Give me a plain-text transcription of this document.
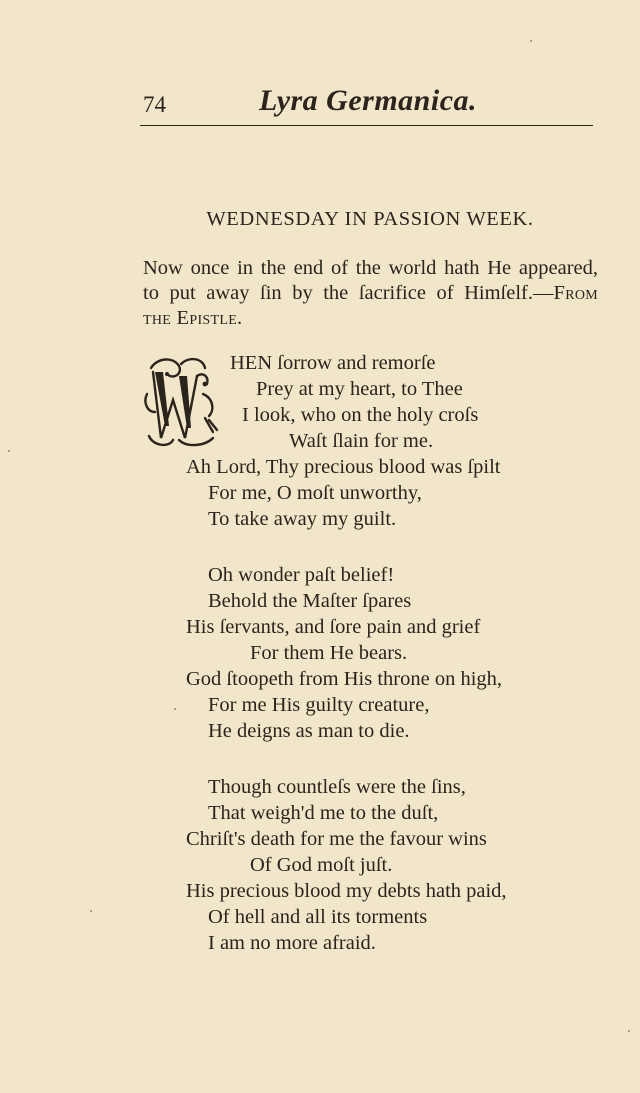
74	Lyra Germanica.
WEDNESDAY IN PASSION WEEK.
Now once in the end of the world hath He appeared,
to put away ſin by the ſacrifice of Himſelf.—From
the Epistle.
HEN ſorrow and remorſe
Prey at my heart, to Thee
I look, who on the holy croſs
Waſt ſlain for me.
Ah Lord, Thy precious blood was ſpilt
For me, O moſt unworthy,
To take away my guilt.
Oh wonder paſt belief!
Behold the Maſter ſpares
His ſervants, and ſore pain and grief
For them He bears.
God ſtoopeth from His throne on high,
For me His guilty creature,
He deigns as man to die.
Though countleſs were the ſins,
That weigh'd me to the duſt,
Chriſt's death for me the favour wins
Of God moſt juſt.
His precious blood my debts hath paid,
Of hell and all its torments
I am no more afraid.
